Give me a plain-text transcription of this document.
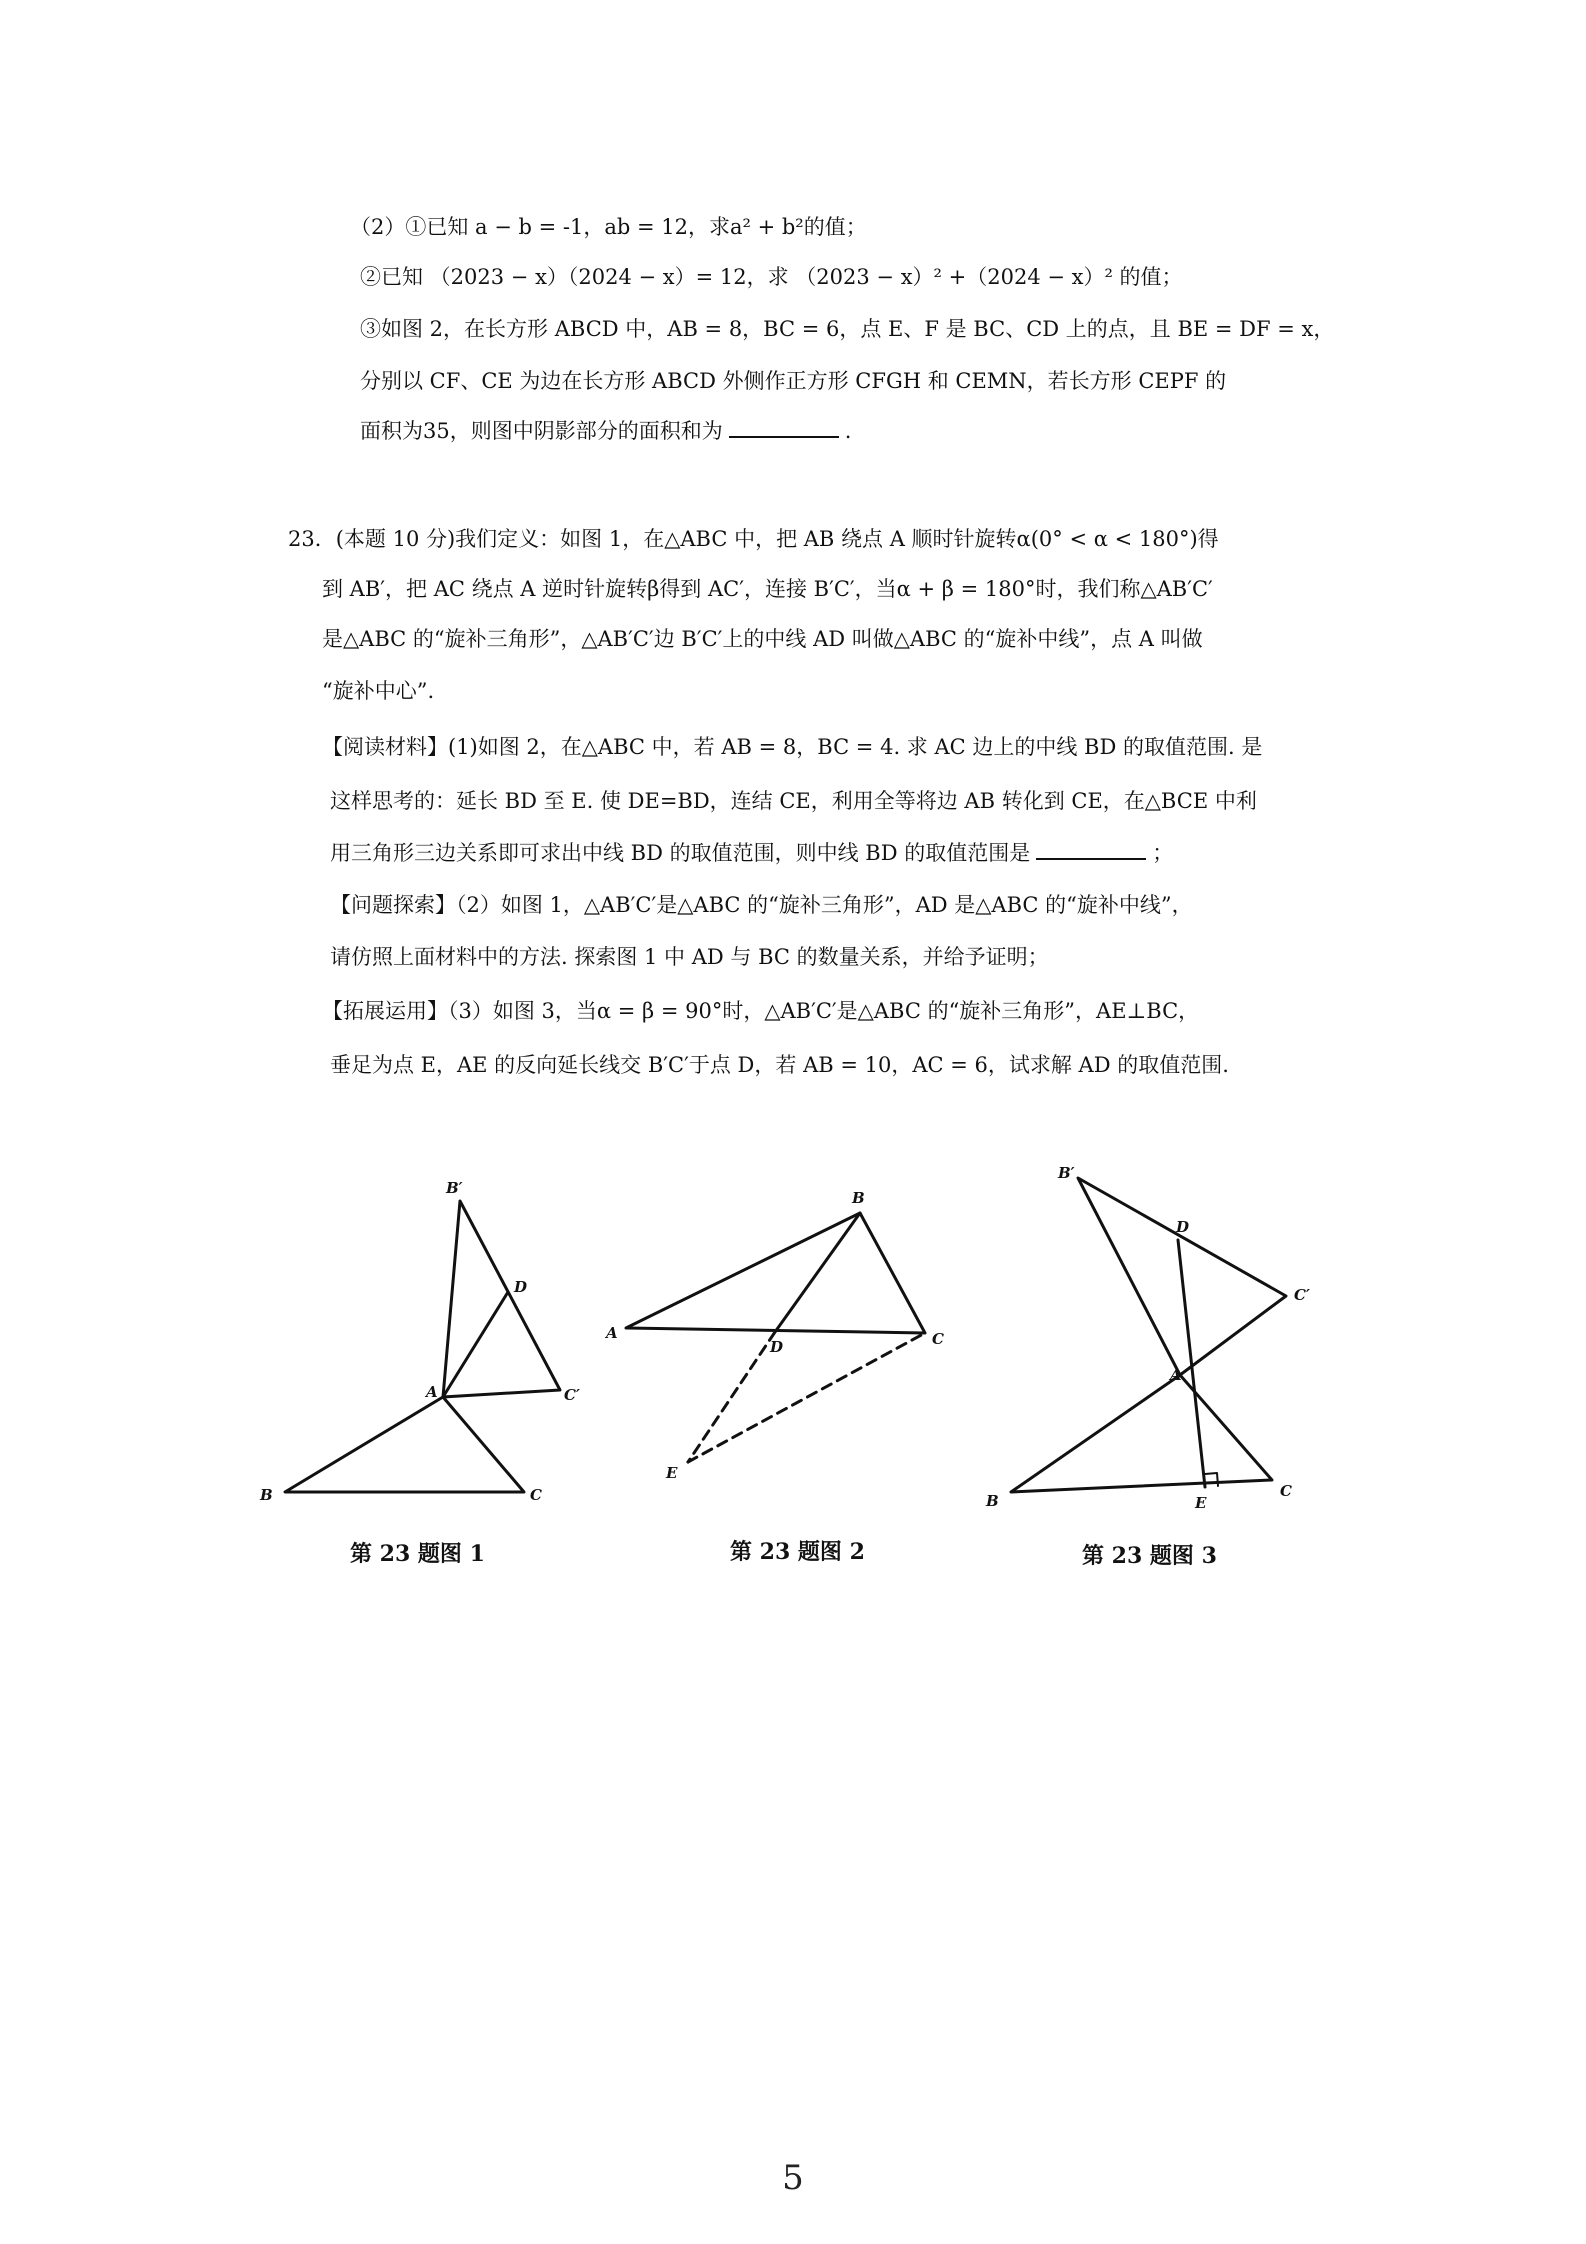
（2）①已知 a − b = -1，ab = 12，求a² + b²的值；
②已知 （2023 − x）（2024 − x）= 12，求 （2023 − x）² +（2024 − x）² 的值；
③如图 2，在长方形 ABCD 中，AB = 8，BC = 6，点 E、F 是 BC、CD 上的点，且 BE = DF = x，
分别以 CF、CE 为边在长方形 ABCD 外侧作正方形 CFGH 和 CEMN，若长方形 CEPF 的
面积为35，则图中阴影部分的面积和为	.
23．(本题 10 分)我们定义：如图 1，在△ABC 中，把 AB 绕点 A 顺时针旋转α(0° < α < 180°)得
到 AB′，把 AC 绕点 A 逆时针旋转β得到 AC′，连接 B′C′，当α + β = 180°时，我们称△AB′C′
是△ABC 的“旋补三角形”，△AB′C′边 B′C′上的中线 AD 叫做△ABC 的“旋补中线”，点 A 叫做
“旋补中心”.
【阅读材料】(1)如图 2，在△ABC 中，若 AB = 8，BC = 4. 求 AC 边上的中线 BD 的取值范围. 是
这样思考的：延长 BD 至 E. 使 DE=BD，连结 CE，利用全等将边 AB 转化到 CE，在△BCE 中利
用三角形三边关系即可求出中线 BD 的取值范围，则中线 BD 的取值范围是	；
【问题探索】（2）如图 1，△AB′C′是△ABC 的“旋补三角形”，AD 是△ABC 的“旋补中线”，
请仿照上面材料中的方法. 探索图 1 中 AD 与 BC 的数量关系，并给予证明；
【拓展运用】（3）如图 3，当α = β = 90°时，△AB′C′是△ABC 的“旋补三角形”，AE⊥BC，
垂足为点 E，AE 的反向延长线交 B′C′于点 D，若 AB = 10，AC = 6，试求解 AD 的取值范围.
B′
D
A	C′
B	C
B
A
D	C
E
B′
D
C′
A
B	E
C
第 23 题图 1	第 23 题图 2	第 23 题图 3
5
